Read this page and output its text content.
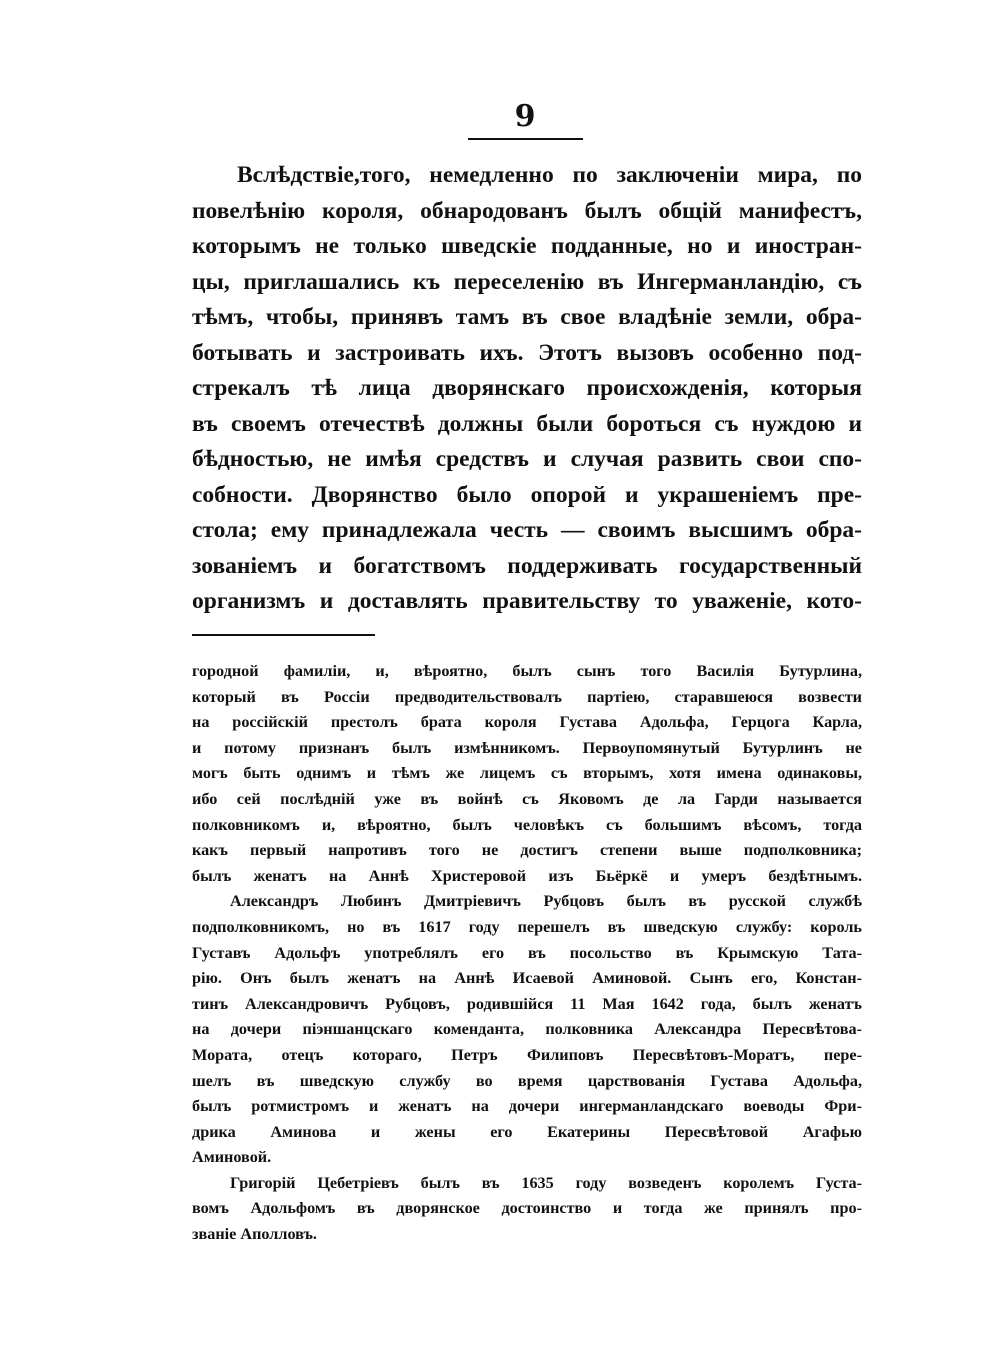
9
Вслѣдствіе,того, немедленно по заключеніи мира, по
повелѣнію короля, обнародованъ былъ общій манифестъ,
которымъ не только шведскіе подданные, но и иностран-
цы, приглашались къ переселенію въ Ингерманландію, съ
тѣмъ, чтобы, принявъ тамъ въ свое владѣніе земли, обра-
ботывать и застроивать ихъ. Этотъ вызовъ особенно под-
стрекалъ тѣ лица дворянскаго происхожденія, которыя
въ своемъ отечествѣ должны были бороться съ нуждою и
бѣдностью, не имѣя средствъ и случая развить свои спо-
собности. Дворянство было опорой и украшеніемъ пре-
стола; ему принадлежала честь — своимъ высшимъ обра-
зованіемъ и богатствомъ поддерживать государственный
организмъ и доставлять правительству то уваженіе, кото-
городной фамиліи, и, вѣроятно, былъ сынъ того Василія Бутурлина,
который въ Россіи предводительствовалъ партіею, старавшеюся возвести
на россійскій престолъ брата короля Густава Адольфа, Герцога Карла,
и потому признанъ былъ измѣнникомъ. Первоупомянутый Бутурлинъ не
могъ быть однимъ и тѣмъ же лицемъ съ вторымъ, хотя имена одинаковы,
ибо сей послѣдній уже въ войнѣ съ Яковомъ де ла Гарди называется
полковникомъ и, вѣроятно, былъ человѣкъ съ большимъ вѣсомъ, тогда
какъ первый напротивъ того не достигъ степени выше подполковника;
былъ женатъ на Аннѣ Христеровой изъ Бьёркё и умеръ бездѣтнымъ.
Александръ Любинъ Дмитріевичъ Рубцовъ былъ въ русской службѣ
подполковникомъ, но въ 1617 году перешелъ въ шведскую службу: король
Густавъ Адольфъ употреблялъ его въ посольство въ Крымскую Тата-
рію. Онъ былъ женатъ на Аннѣ Исаевой Аминовой. Сынъ его, Констан-
тинъ Александровичъ Рубцовъ, родившійся 11 Мая 1642 года, былъ женатъ
на дочери піэншанцскаго коменданта, полковника Александра Пересвѣтова-
Мората, отецъ котораго, Петръ Филиповъ Пересвѣтовъ-Моратъ, пере-
шелъ въ шведскую службу во время царствованія Густава Адольфа,
былъ ротмистромъ и женатъ на дочери ингерманландскаго воеводы Фри-
дрика Аминова и жены его Екатерины Пересвѣтовой Агафью
Аминовой.
Григорій Цебетріевъ былъ въ 1635 году возведенъ королемъ Густа-
вомъ Адольфомъ въ дворянское достоинство и тогда же принялъ про-
званіе Аполловъ.
